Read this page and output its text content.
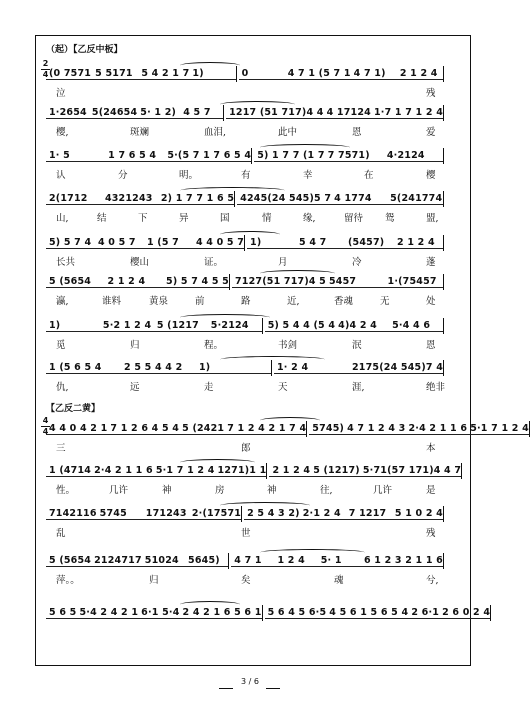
（起）【乙反中板】
【乙反二黄】
2
4
4
4
(0 7571 5 5171 5 4 2 1 7 1)	0	4 7 1 (5 7 1 4 7 1)	2 1 2 4
泣	残
1·2654 5(24654 5· 1 2) 4 5 7	1217 (51 717)4 4 4 17124 1·7 1 7 1 2 4
樱,	斑斓	血泪,	此中	恩	爱
1· 5	1 7 6 5 4	5·(5 7 1 7 6 5 4 5) 1 7 7 (1 7 7 7571)	4·2124
认	分	明。	有	幸	在	樱
2(1712	4321243 2) 1 7 7 1 6 5 4245(24 545)5 7 4 1774	5(241774
山,	结	下	异	国	情	缘,	留待 鸳	盟,
5) 5 7 4 4 0 5 7	1 (5 7	4 4 0 5 7 1)	5 4 7	(5457)	2 1 2 4
长共	樱山	证。	月	冷	蓬
5 (5654	2 1 2 4	5) 5 7 4 5 5 7127(51 717)4 5 5457	1·(75457
瀛,	谁料	黄泉	前	路	近,	香魂	无	处
1)	5·2 1 2 4 5 (1217	5·2124	5) 5 4 4 (5 4 4)4 2 4	5·4 4 6
觅	归	程。	书剑	泯	恩
1 (5 6 5 4	2 5 5 4 4 2	1)	1· 2 4	2175(24 545)7 4
仇,	远	走	天	涯,	绝非
4 4 0 4 2 1 7 1 2 6 4 5 4 5 (2421 7 1 2 4 2 1 7 4 5745) 4 7 1 2 4 3 2·4 2 1 1 6 5·1 7 1 2 4
三	郎	本
1 (4714 2·4 2 1 1 6 5·1 7 1 2 4 1271)1 1 2 1 2 4 5 (1217) 5·71(57 171)4 4 7
性。	几许	神	房	神	往,	几许	是
7142116 5745	171243 2·(17571 2 5 4 3 2) 2·1 2 4 7 1217 5 1 0 2 4
乱	世	残
5 (5654 2124717 51024 5645)	4 7 1	1 2 4	5· 1	6 1 2 3 2 1 1 6
萍。。	归	矣	魂	兮,
5 6 5 5·4 2 4 2 1 6·1 5·4 2 4 2 1 6 5 6 1 5 6 4 5 6·5 4 5 6 1 5 6 5 4 2 6·1 2 6 0 2 4
3 / 6
